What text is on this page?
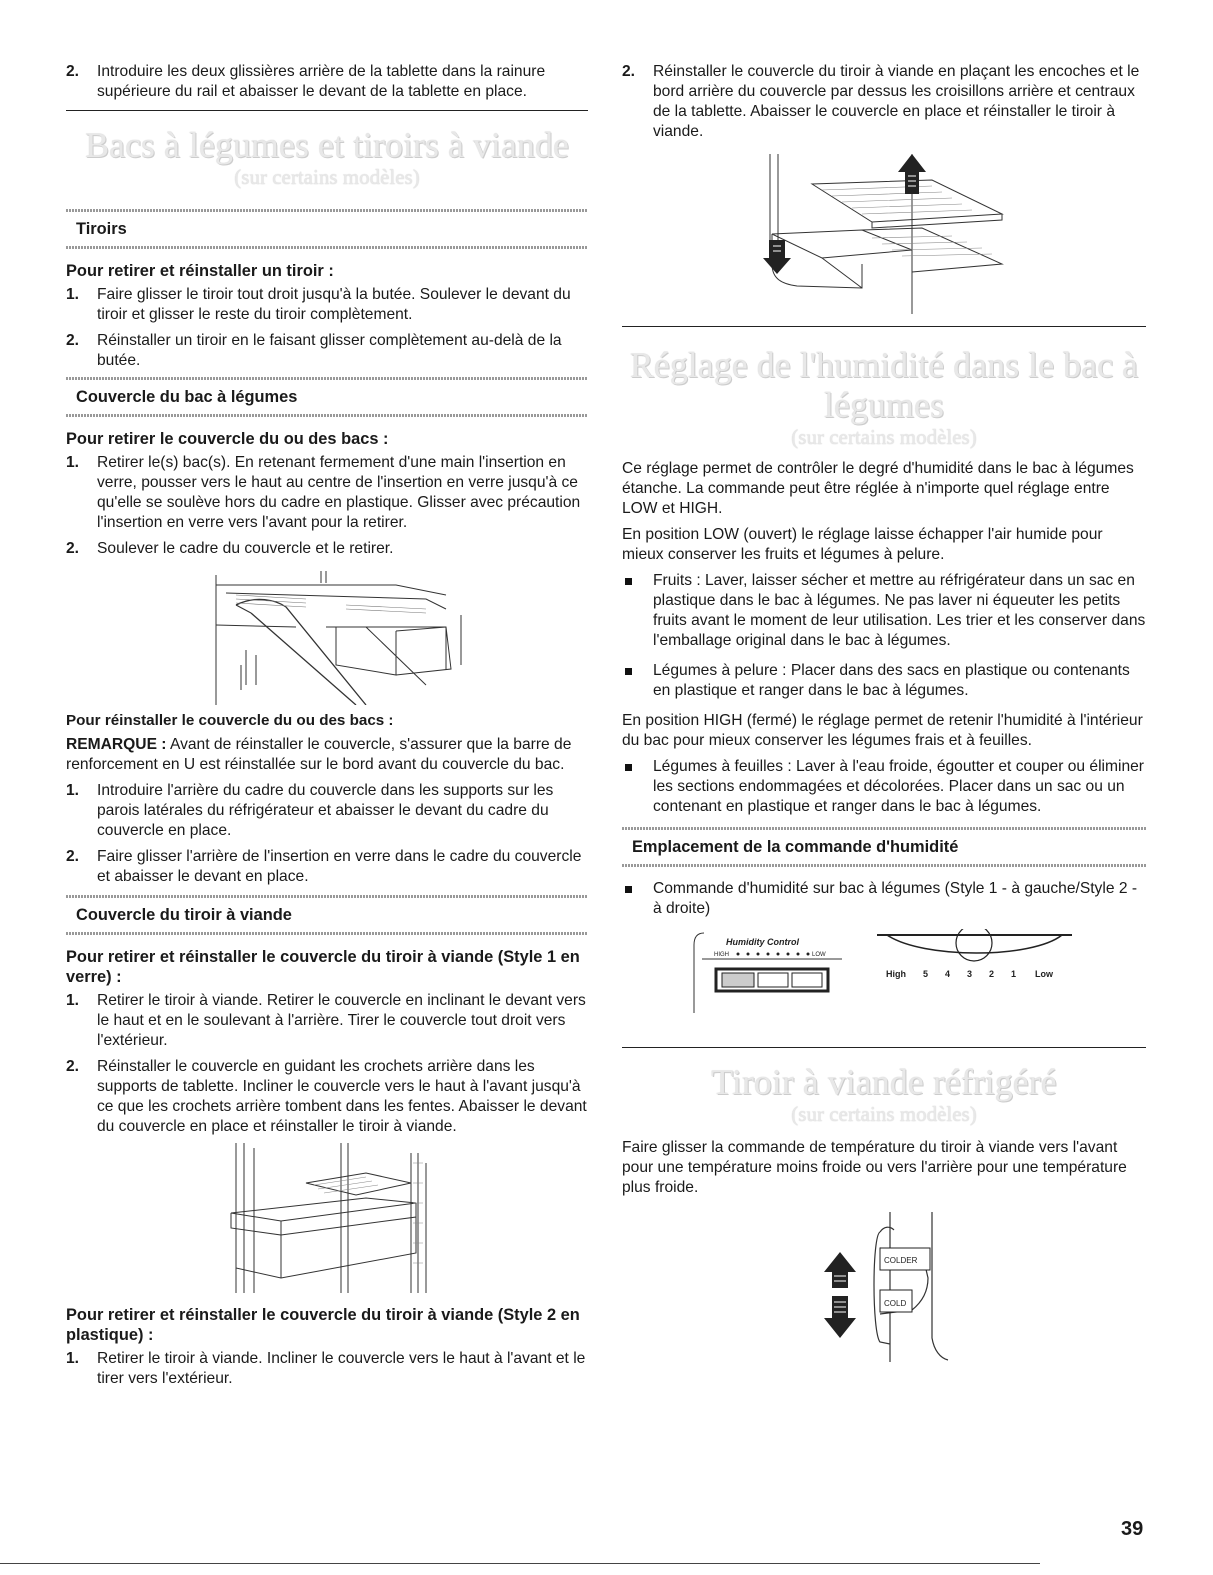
2. Introduire les deux glissières arrière de la tablette dans la rainure supérieure du rail et abaisser le devant de la tablette en place.

Bacs à légumes et tiroirs à viande

(sur certains modèles)

Tiroirs

Pour retirer et réinstaller un tiroir :

1. Faire glisser le tiroir tout droit jusqu'à la butée. Soulever le devant du tiroir et glisser le reste du tiroir complètement.
2. Réinstaller un tiroir en le faisant glisser complètement au-delà de la butée.
Couvercle du bac à légumes

Pour retirer le couvercle du ou des bacs :

1. Retirer le(s) bac(s). En retenant fermement d'une main l'insertion en verre, pousser vers le haut au centre de l'insertion en verre jusqu'à ce qu'elle se soulève hors du cadre en plastique. Glisser avec précaution l'insertion en verre vers l'avant pour la retirer.
2. Soulever le cadre du couvercle et le retirer.

Pour réinstaller le couvercle du ou des bacs :

REMARQUE : Avant de réinstaller le couvercle, s'assurer que la barre de renforcement en U est réinstallée sur le bord avant du couvercle du bac.

1. Introduire l'arrière du cadre du couvercle dans les supports sur les parois latérales du réfrigérateur et abaisser le devant du cadre du couvercle en place.
2. Faire glisser l'arrière de l'insertion en verre dans le cadre du couvercle et abaisser le devant en place.
Couvercle du tiroir à viande

Pour retirer et réinstaller le couvercle du tiroir à viande (Style 1 en verre) :

1. Retirer le tiroir à viande. Retirer le couvercle en inclinant le devant vers le haut et en le soulevant à l'arrière. Tirer le couvercle tout droit vers l'extérieur.
2. Réinstaller le couvercle en guidant les crochets arrière dans les supports de tablette. Incliner le couvercle vers le haut à l'avant jusqu'à ce que les crochets arrière tombent dans les fentes. Abaisser le devant du couvercle en place et réinstaller le tiroir à viande.

Pour retirer et réinstaller le couvercle du tiroir à viande (Style 2 en plastique) :

1. Retirer le tiroir à viande. Incliner le couvercle vers le haut à l'avant et le tirer vers l'extérieur.
2. Réinstaller le couvercle du tiroir à viande en plaçant les encoches et le bord arrière du couvercle par dessus les croisillons arrière et centraux de la tablette. Abaisser le couvercle en place et réinstaller le tiroir à viande.

Réglage de l'humidité dans le bac à

légumes

(sur certains modèles)

Ce réglage permet de contrôler le degré d'humidité dans le bac à légumes étanche. La commande peut être réglée à n'importe quel réglage entre LOW et HIGH.

En position LOW (ouvert) le réglage laisse échapper l'air humide pour mieux conserver les fruits et légumes à pelure.

Fruits : Laver, laisser sécher et mettre au réfrigérateur dans un sac en plastique dans le bac à légumes. Ne pas laver ni équeuter les petits fruits avant le moment de leur utilisation. Les trier et les conserver dans l'emballage original dans le bac à légumes.
Légumes à pelure : Placer dans des sacs en plastique ou contenants en plastique et ranger dans le bac à légumes.

En position HIGH (fermé) le réglage permet de retenir l'humidité à l'intérieur du bac pour mieux conserver les légumes frais et à feuilles.

Légumes à feuilles : Laver à l'eau froide, égoutter et couper ou éliminer les sections endommagées et décolorées. Placer dans un sac ou un contenant en plastique et ranger dans le bac à légumes.
Emplacement de la commande d'humidité
Commande d'humidité sur bac à légumes (Style 1 - à gauche/Style 2 - à droite)
Humidity Control
HIGH	LOW
High 5 4 3 2 1 Low

Tiroir à viande réfrigéré

(sur certains modèles)

Faire glisser la commande de température du tiroir à viande vers l'avant pour une température moins froide ou vers l'arrière pour une température plus froide.

COLDER
COLD
39
